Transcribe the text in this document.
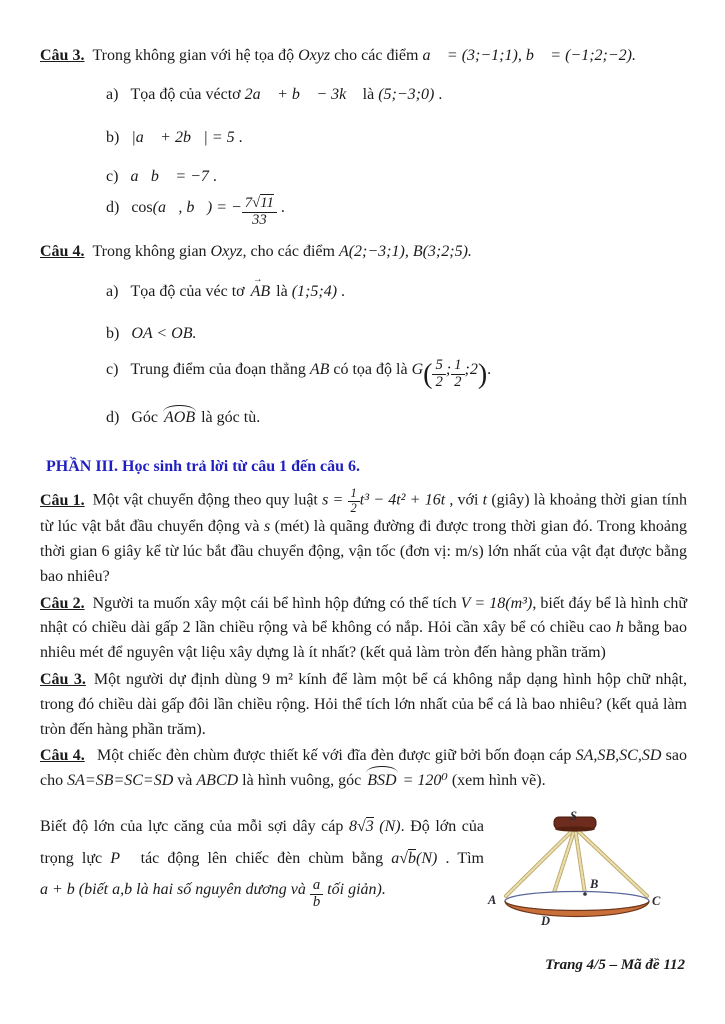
Câu 3. Trong không gian với hệ tọa độ Oxyz cho các điểm a⃗ = (3;−1;1), b⃗ = (−1;2;−2).

a) Tọa độ của véctơ 2a⃗ + b⃗ − 3k⃗ là (5;−3;0) .

b) |a⃗ + 2b⃗| = 5 .

c) a⃗b⃗ = −7 .

d) cos(a⃗, b⃗) = − $\frac{7√11}{33}$ .

Câu 4. Trong không gian Oxyz, cho các điểm A(2;−3;1), B(3;2;5).

a) Tọa độ của véc tơ AB → là (1;5;4) .

b) OA < OB.

c) Trung điểm của đoạn thẳng AB có tọa độ là $G( \frac{5}{2}$ ; $\frac{1}{2}$ ;2).

d) Góc AOB là góc tù.

PHẦN III. Học sinh trả lời từ câu 1 đến câu 6.

Câu 1. Một vật chuyển động theo quy luật $s = \frac{1}{2} t^3 - 4t^2 + 16t$ , với t (giây) là khoảng thời gian tính từ lúc vật bắt đầu chuyển động và s (mét) là quãng đường đi được trong thời gian đó. Trong khoảng thời gian 6 giây kể từ lúc bắt đầu chuyển động, vận tốc (đơn vị: m/s) lớn nhất của vật đạt được bằng bao nhiêu?

Câu 2. Người ta muốn xây một cái bể hình hộp đứng có thể tích V = 18(m³), biết đáy bể là hình chữ nhật có chiều dài gấp 2 lần chiều rộng và bể không có nắp. Hỏi cần xây bể có chiều cao h bằng bao nhiêu mét để nguyên vật liệu xây dựng là ít nhất? (kết quả làm tròn đến hàng phần trăm)

Câu 3. Một người dự định dùng 9 m² kính để làm một bể cá không nắp dạng hình hộp chữ nhật, trong đó chiều dài gấp đôi lần chiều rộng. Hỏi thể tích lớn nhất của bể cá là bao nhiêu? (kết quả làm tròn đến hàng phần trăm).

Câu 4. Một chiếc đèn chùm được thiết kế với đĩa đèn được giữ bởi bốn đoạn cáp SA,SB,SC,SD sao cho SA=SB=SC=SD và ABCD là hình vuông, góc BSD = 120⁰ (xem hình vẽ).

Biết độ lớn của lực căng của mỗi sợi dây cáp 8√3 (N). Độ lớn của

trọng lực P⃗ tác động lên chiếc đèn chùm bằng a√b(N) . Tìm

a + b (biết a,b là hai số nguyên dương và $\frac{a}{b}$ tối giản).

S
A
B
C
D
Trang 4/5 – Mã đề 112
